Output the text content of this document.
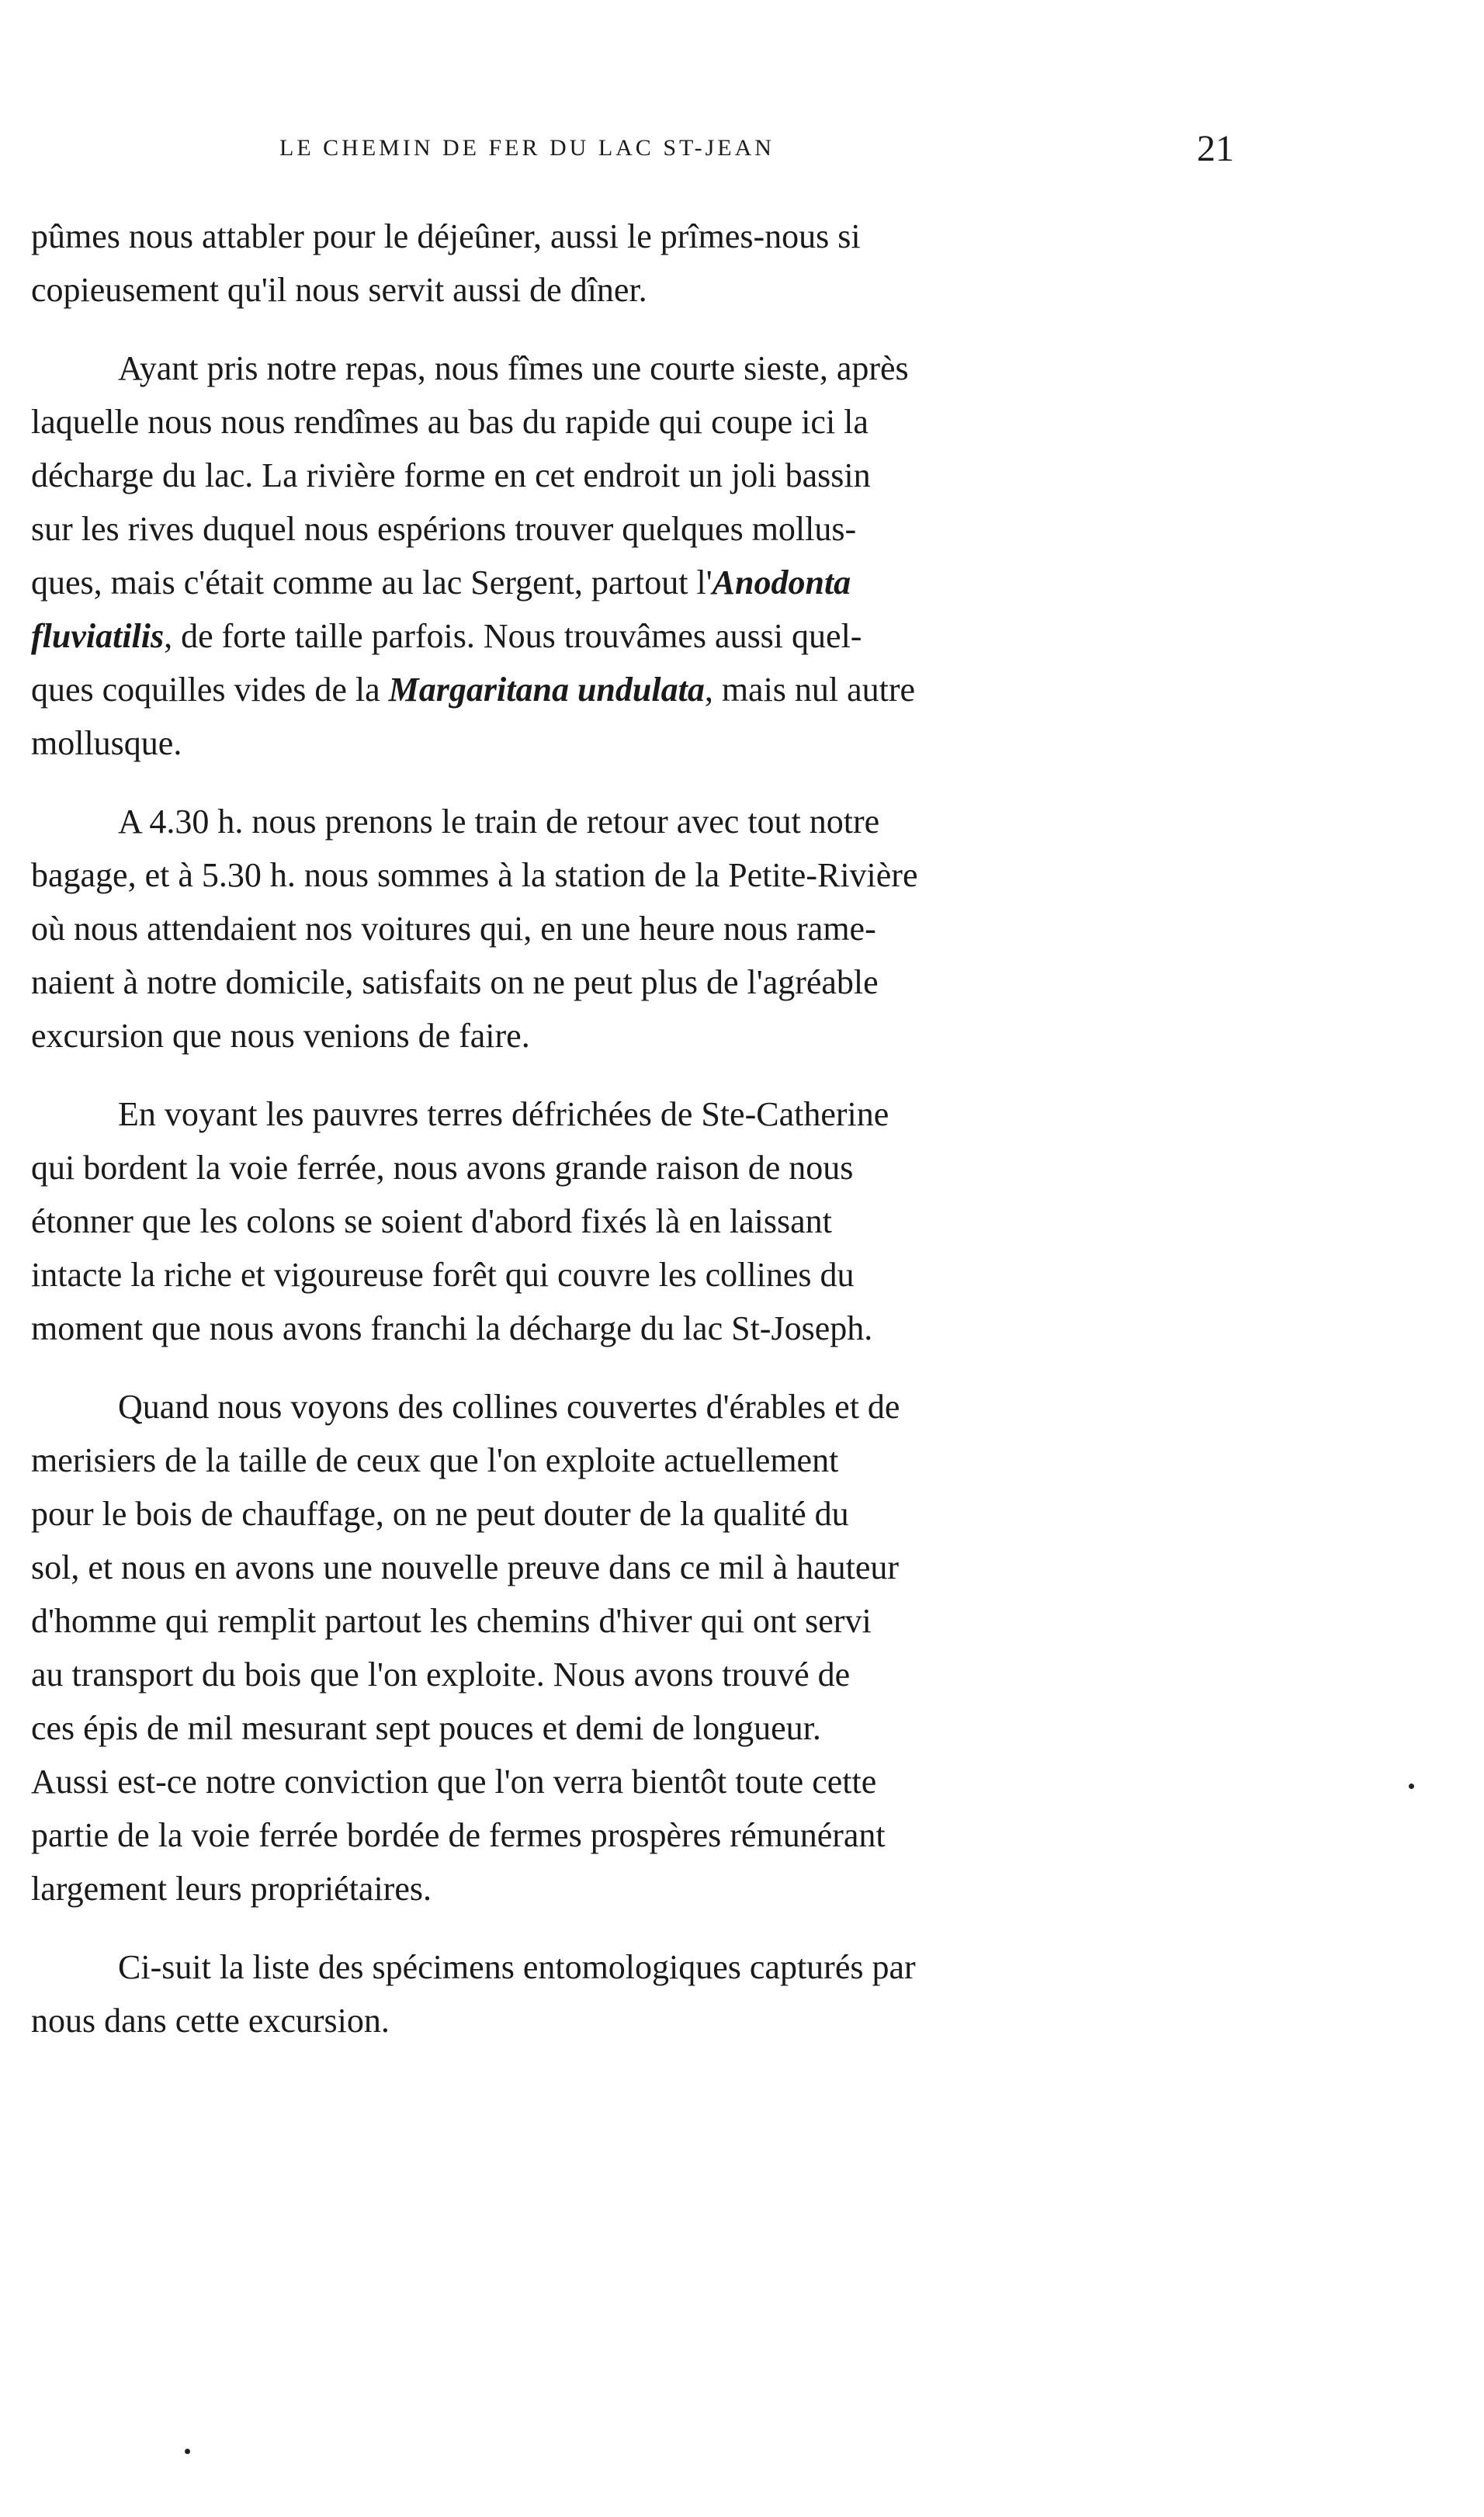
LE CHEMIN DE FER DU LAC ST-JEAN	21

pûmes nous attabler pour le déjeûner, aussi le prîmes-nous si
copieusement qu'il nous servit aussi de dîner.

Ayant pris notre repas, nous fîmes une courte sieste, après
laquelle nous nous rendîmes au bas du rapide qui coupe ici la
décharge du lac. La rivière forme en cet endroit un joli bassin
sur les rives duquel nous espérions trouver quelques mollus-
ques, mais c'était comme au lac Sergent, partout l'Anodonta
fluviatilis, de forte taille parfois. Nous trouvâmes aussi quel-
ques coquilles vides de la Margaritana undulata, mais nul autre
mollusque.

A 4.30 h. nous prenons le train de retour avec tout notre
bagage, et à 5.30 h. nous sommes à la station de la Petite-Rivière
où nous attendaient nos voitures qui, en une heure nous rame-
naient à notre domicile, satisfaits on ne peut plus de l'agréable
excursion que nous venions de faire.

En voyant les pauvres terres défrichées de Ste-Catherine
qui bordent la voie ferrée, nous avons grande raison de nous
étonner que les colons se soient d'abord fixés là en laissant
intacte la riche et vigoureuse forêt qui couvre les collines du
moment que nous avons franchi la décharge du lac St-Joseph.

Quand nous voyons des collines couvertes d'érables et de
merisiers de la taille de ceux que l'on exploite actuellement
pour le bois de chauffage, on ne peut douter de la qualité du
sol, et nous en avons une nouvelle preuve dans ce mil à hauteur
d'homme qui remplit partout les chemins d'hiver qui ont servi
au transport du bois que l'on exploite. Nous avons trouvé de
ces épis de mil mesurant sept pouces et demi de longueur.
Aussi est-ce notre conviction que l'on verra bientôt toute cette
partie de la voie ferrée bordée de fermes prospères rémunérant
largement leurs propriétaires.

Ci-suit la liste des spécimens entomologiques capturés par
nous dans cette excursion.
